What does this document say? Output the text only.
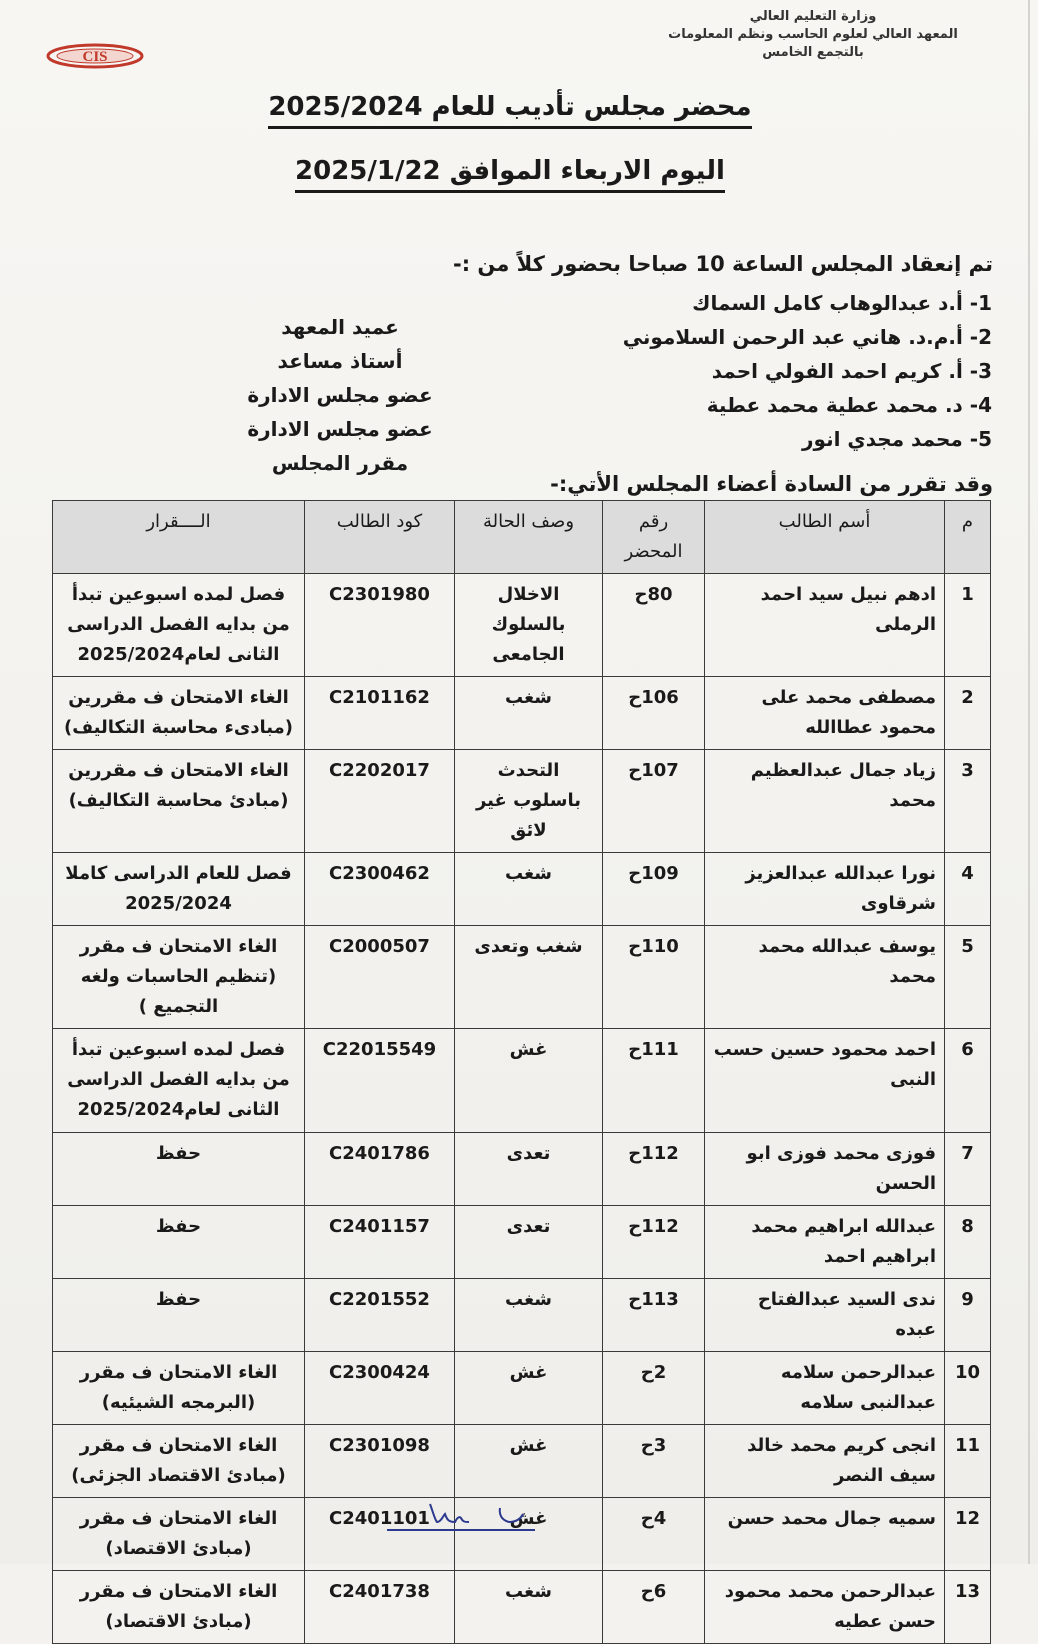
وزارة التعليم العالي
المعهد العالي لعلوم الحاسب ونظم المعلومات
بالتجمع الخامس
CIS
محضر مجلس تأديب للعام 2025/2024
اليوم الاربعاء الموافق 2025/1/22
تم إنعقاد المجلس الساعة 10 صباحا بحضور كلاً من :-
1- أ.د عبدالوهاب كامل السماك
2- أ.م.د. هاني عبد الرحمن السلاموني
3- أ. كريم احمد الفولي احمد
4- د. محمد عطية محمد عطية
5- محمد مجدي انور
عميد المعهد
أستاذ مساعد
عضو مجلس الادارة
عضو مجلس الادارة
مقرر المجلس
وقد تقرر من السادة أعضاء المجلس الأتي:-
م	أسم الطالب	رقم المحضر	وصف الحالة	كود الطالب	الــــقرار
1	ادهم نبيل سيد احمد الرملى	80ح	الاخلال بالسلوك الجامعى	C2301980	فصل لمده اسبوعين تبدأ من بدايه الفصل الدراسى الثانى لعام2025/2024
2	مصطفى محمد على محمود عطاالله	106ح	شغب	C2101162	الغاء الامتحان ف مقررين (مبادىء محاسبة التكاليف)
3	زياد جمال عبدالعظيم محمد	107ح	التحدث باسلوب غير لائق	C2202017	الغاء الامتحان ف مقررين (مبادئ محاسبة التكاليف)
4	نورا عبدالله عبدالعزيز شرقاوى	109ح	شغب	C2300462	فصل للعام الدراسى كاملا 2025/2024
5	يوسف عبدالله محمد محمد	110ح	شغب وتعدى	C2000507	الغاء الامتحان ف مقرر (تنظيم الحاسبات ولغه التجميع )
6	احمد محمود حسين حسب النبى	111ح	غش	C22015549	فصل لمده اسبوعين تبدأ من بدايه الفصل الدراسى الثانى لعام2025/2024
7	فوزى محمد فوزى ابو الحسن	112ح	تعدى	C2401786	حفظ
8	عبدالله ابراهيم محمد ابراهيم احمد	112ح	تعدى	C2401157	حفظ
9	ندى السيد عبدالفتاح عبده	113ح	شغب	C2201552	حفظ
10	عبدالرحمن سلامه عبدالنبى سلامه	2ح	غش	C2300424	الغاء الامتحان ف مقرر (البرمجه الشيئيه)
11	انجى كريم محمد خالد سيف النصر	3ح	غش	C2301098	الغاء الامتحان ف مقرر (مبادئ الاقتصاد الجزئى)
12	سميه جمال محمد حسن	4ح	غش	C2401101	الغاء الامتحان ف مقرر (مبادئ الاقتصاد)
13	عبدالرحمن محمد محمود حسن عطيه	6ح	شغب	C2401738	الغاء الامتحان ف مقرر (مبادئ الاقتصاد)
